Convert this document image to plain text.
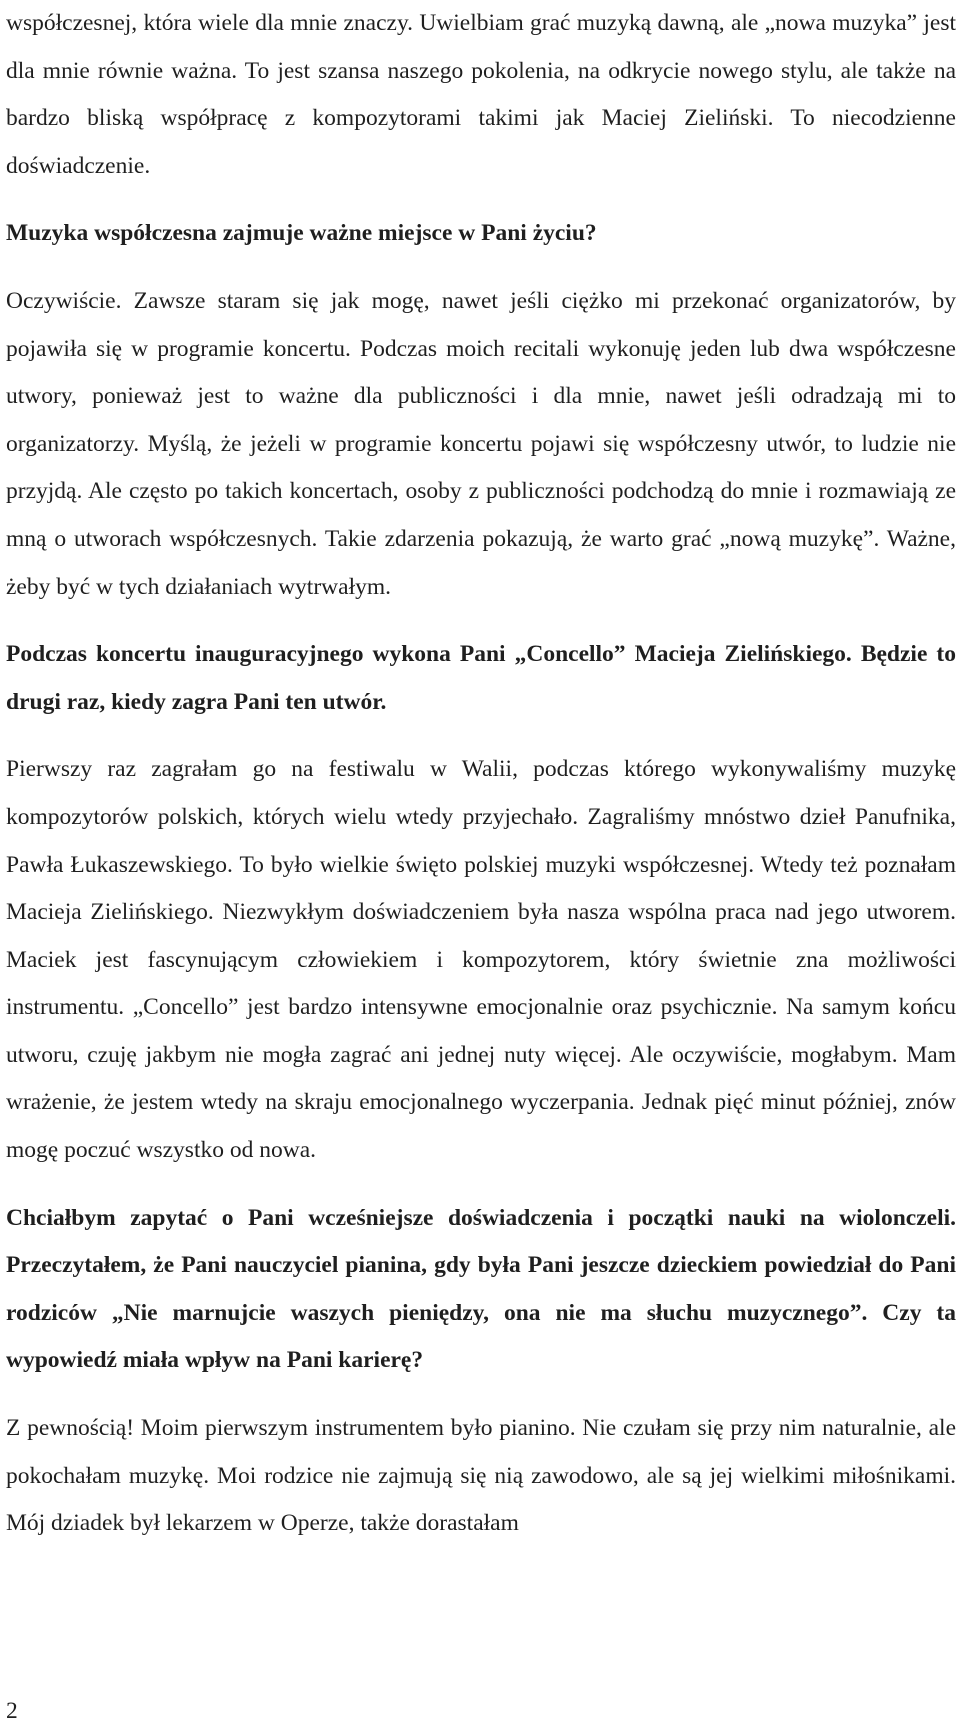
współczesnej, która wiele dla mnie znaczy. Uwielbiam grać muzyką dawną, ale „nowa muzyka” jest dla mnie równie ważna. To jest szansa naszego pokolenia, na odkrycie nowego stylu, ale także na bardzo bliską współpracę z kompozytorami takimi jak Maciej Zieliński. To niecodzienne doświadczenie.

Muzyka współczesna zajmuje ważne miejsce w Pani życiu?

Oczywiście. Zawsze staram się jak mogę, nawet jeśli ciężko mi przekonać organizatorów, by pojawiła się w programie koncertu. Podczas moich recitali wykonuję jeden lub dwa współczesne utwory, ponieważ jest to ważne dla publiczności i dla mnie, nawet jeśli odradzają mi to organizatorzy. Myślą, że jeżeli w programie koncertu pojawi się współczesny utwór, to ludzie nie przyjdą. Ale często po takich koncertach, osoby z publiczności podchodzą do mnie i rozmawiają ze mną o utworach współczesnych. Takie zdarzenia pokazują, że warto grać „nową muzykę”. Ważne, żeby być w tych działaniach wytrwałym.

Podczas koncertu inauguracyjnego wykona Pani „Concello” Macieja Zielińskiego. Będzie to drugi raz, kiedy zagra Pani ten utwór.

Pierwszy raz zagrałam go na festiwalu w Walii, podczas którego wykonywaliśmy muzykę kompozytorów polskich, których wielu wtedy przyjechało. Zagraliśmy mnóstwo dzieł Panufnika, Pawła Łukaszewskiego. To było wielkie święto polskiej muzyki współczesnej. Wtedy też poznałam Macieja Zielińskiego. Niezwykłym doświadczeniem była nasza wspólna praca nad jego utworem. Maciek jest fascynującym człowiekiem i kompozytorem, który świetnie zna możliwości instrumentu. „Concello” jest bardzo intensywne emocjonalnie oraz psychicznie. Na samym końcu utworu, czuję jakbym nie mogła zagrać ani jednej nuty więcej. Ale oczywiście, mogłabym. Mam wrażenie, że jestem wtedy na skraju emocjonalnego wyczerpania. Jednak pięć minut później, znów mogę poczuć wszystko od nowa.

Chciałbym zapytać o Pani wcześniejsze doświadczenia i początki nauki na wiolonczeli. Przeczytałem, że Pani nauczyciel pianina, gdy była Pani jeszcze dzieckiem powiedział do Pani rodziców „Nie marnujcie waszych pieniędzy, ona nie ma słuchu muzycznego”. Czy ta wypowiedź miała wpływ na Pani karierę?

Z pewnością! Moim pierwszym instrumentem było pianino. Nie czułam się przy nim naturalnie, ale pokochałam muzykę. Moi rodzice nie zajmują się nią zawodowo, ale są jej wielkimi miłośnikami. Mój dziadek był lekarzem w Operze, także dorastałam

2
